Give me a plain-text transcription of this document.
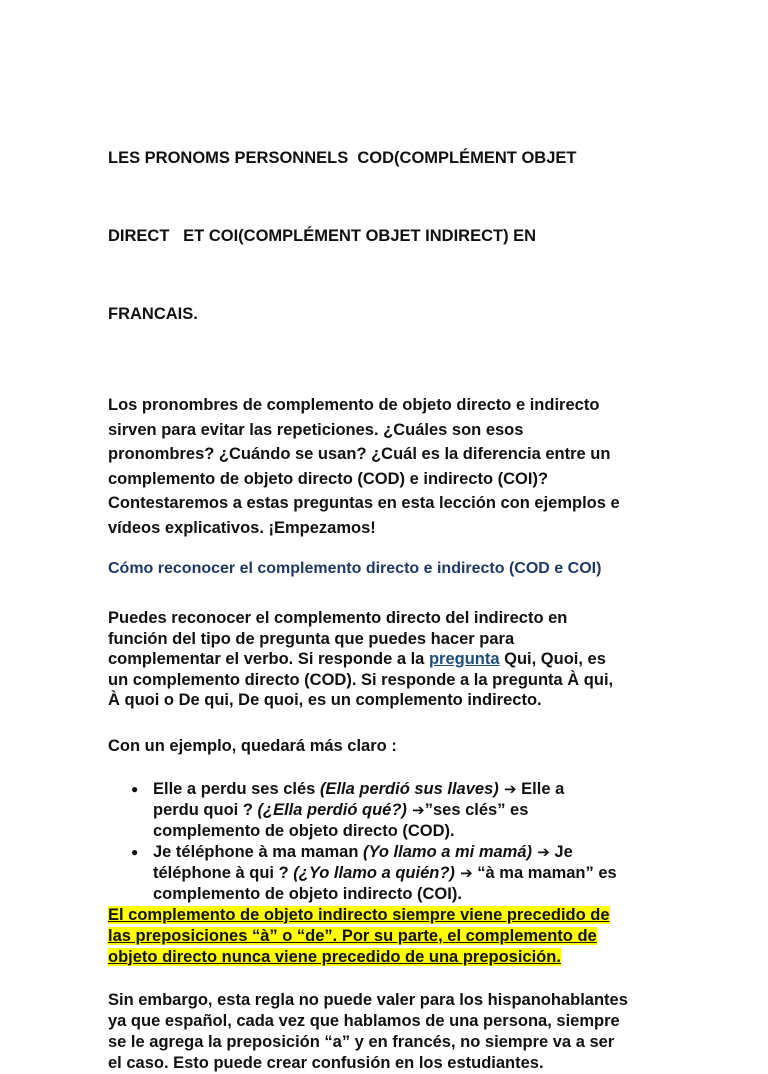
LES PRONOMS PERSONNELS  COD(COMPLÉMENT OBJET

DIRECT   ET COI(COMPLÉMENT OBJET INDIRECT) EN

FRANCAIS.

Los pronombres de complemento de objeto directo e indirecto
sirven para evitar las repeticiones. ¿Cuáles son esos
pronombres? ¿Cuándo se usan? ¿Cuál es la diferencia entre un
complemento de objeto directo (COD) e indirecto (COI)?
Contestaremos a estas preguntas en esta lección con ejemplos e
vídeos explicativos. ¡Empezamos!
Cómo reconocer el complemento directo e indirecto (COD e COI)
Puedes reconocer el complemento directo del indirecto en
función del tipo de pregunta que puedes hacer para
complementar el verbo. Si responde a la pregunta Qui, Quoi, es
un complemento directo (COD). Si responde a la pregunta À qui,
À quoi o De qui, De quoi, es un complemento indirecto.
Con un ejemplo, quedará más claro :
● Elle a perdu ses clés (Ella perdió sus llaves) ➔ Elle a
perdu quoi ? (¿Ella perdió qué?) ➔”ses clés” es
complemento de objeto directo (COD).
● Je téléphone à ma maman (Yo llamo a mi mamá) ➔ Je
téléphone à qui ? (¿Yo llamo a quién?) ➔ “à ma maman” es
complemento de objeto indirecto (COI).
El complemento de objeto indirecto siempre viene precedido de
las preposiciones “à” o “de”. Por su parte, el complemento de
objeto directo nunca viene precedido de una preposición.
Sin embargo, esta regla no puede valer para los hispanohablantes
ya que español, cada vez que hablamos de una persona, siempre
se le agrega la preposición “a” y en francés, no siempre va a ser
el caso. Esto puede crear confusión en los estudiantes.
